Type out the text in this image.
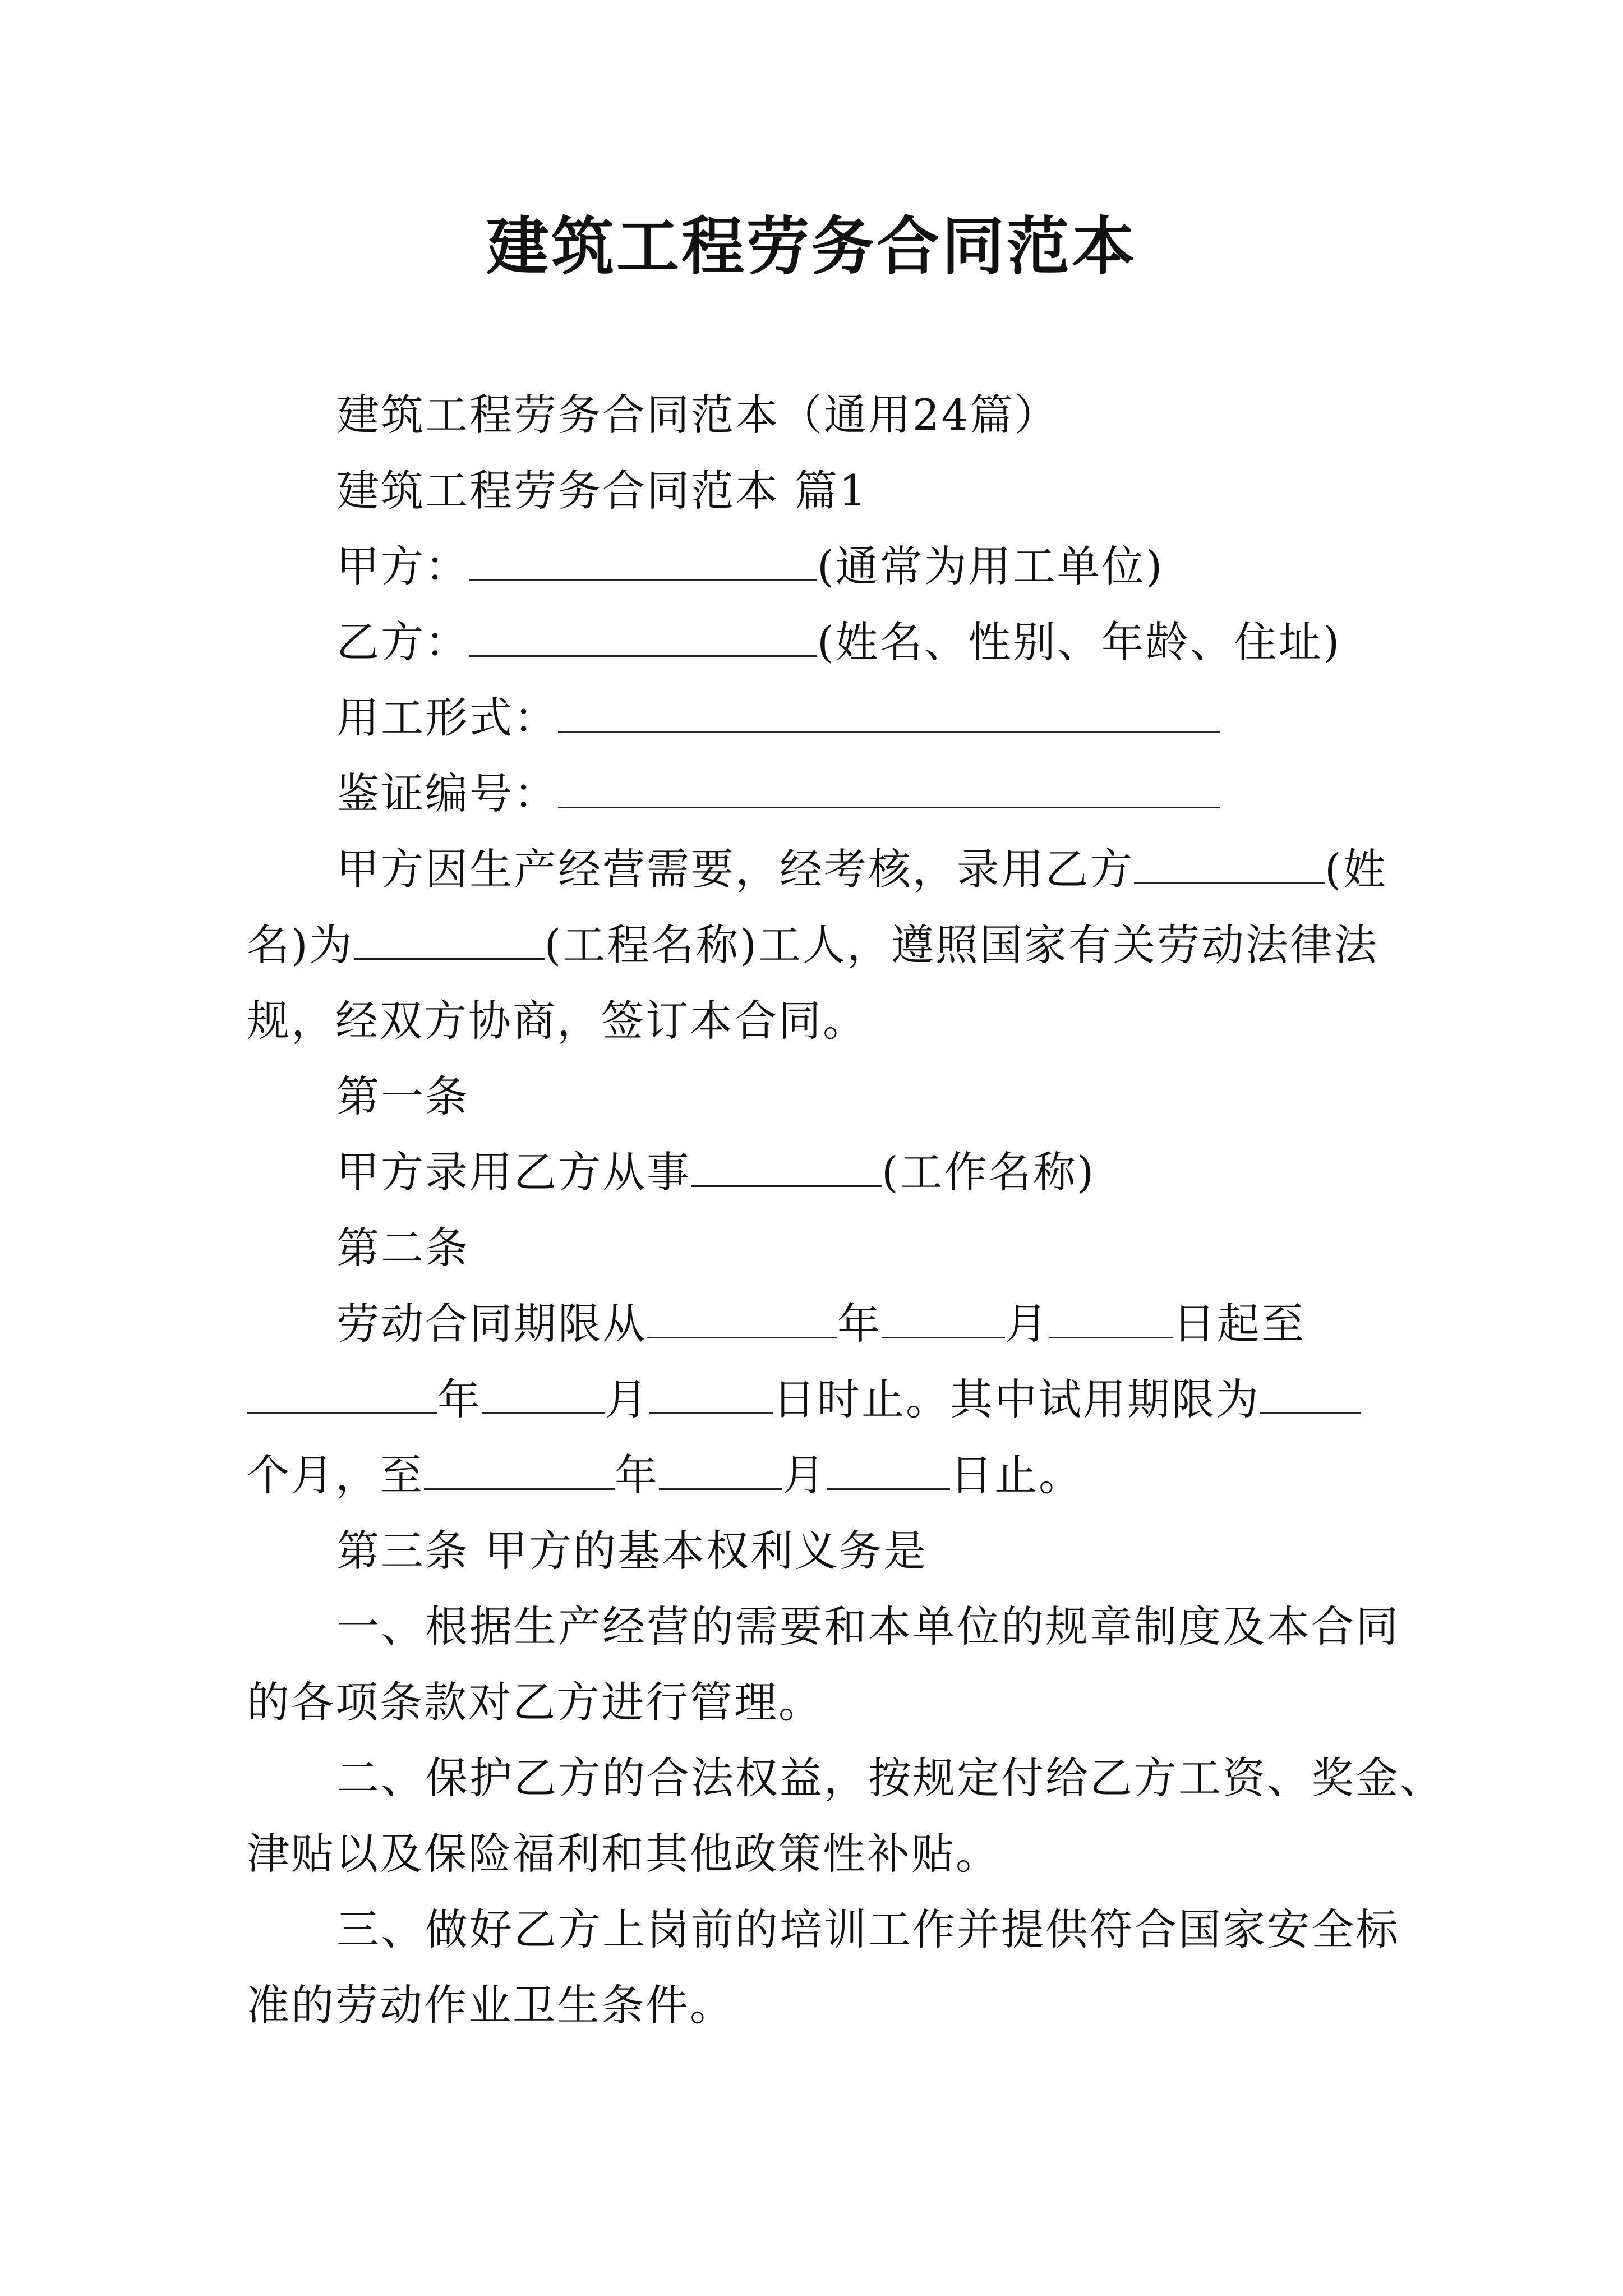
建筑工程劳务合同范本
建筑工程劳务合同范本（通用24篇）
建筑工程劳务合同范本 篇1
甲方：	(通常为用工单位)
乙方：	(姓名、性别、年龄、住址)
用工形式：
鉴证编号：
甲方因生产经营需要，经考核，录用乙方	(姓
名)为	(工程名称)工人，遵照国家有关劳动法律法
规，经双方协商，签订本合同。
第一条
甲方录用乙方从事	(工作名称)
第二条
劳动合同期限从	年	月	日起至
年	月	日时止。其中试用期限为
个月，至	年	月	日止。
第三条 甲方的基本权利义务是
一、根据生产经营的需要和本单位的规章制度及本合同
的各项条款对乙方进行管理。
二、保护乙方的合法权益，按规定付给乙方工资、奖金、
津贴以及保险福利和其他政策性补贴。
三、做好乙方上岗前的培训工作并提供符合国家安全标
准的劳动作业卫生条件。
